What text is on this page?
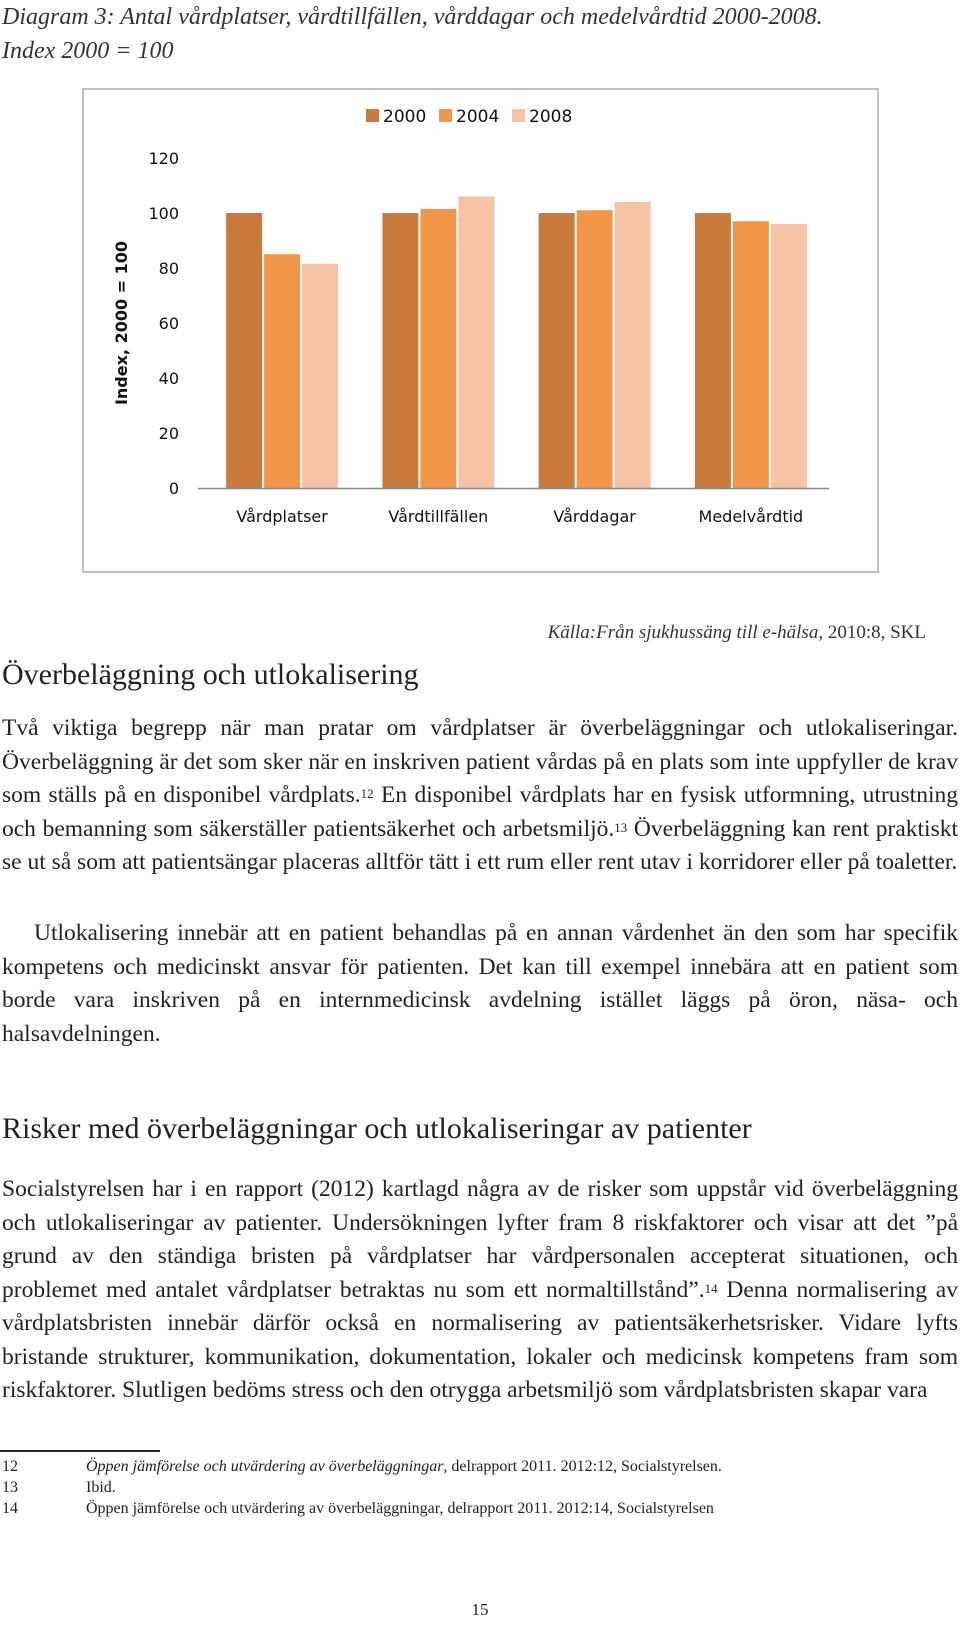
Diagram 3: Antal vårdplatser, vårdtillfällen, vårddagar och medelvårdtid 2000-2008.
Index 2000 = 100
0
20
40
60
80
100
120
Index, 2000 = 100
Vårdplatser	Vårdtillfällen	Vårddagar	Medelvårdtid
2000 2004 2008
Källa:Från sjukhussäng till e-hälsa, 2010:8, SKL
Överbeläggning och utlokalisering

Två viktiga begrepp när man pratar om vårdplatser är överbeläggningar och utlokaliseringar. Överbeläggning är det som sker när en inskriven patient vårdas på en plats som inte uppfyller de krav som ställs på en disponibel vårdplats.$^{12}$ En disponibel vårdplats har en fysisk utformning, utrustning och bemanning som säkerställer patientsäkerhet och arbetsmiljö.$^{13}$ Överbeläggning kan rent praktiskt se ut så som att patientsängar placeras alltför tätt i ett rum eller rent utav i korridorer eller på toaletter.

Utlokalisering innebär att en patient behandlas på en annan vårdenhet än den som har specifik kompetens och medicinskt ansvar för patienten. Det kan till exempel innebära att en patient som borde vara inskriven på en internmedicinsk avdelning istället läggs på öron, näsa- och halsavdelningen.

Risker med överbeläggningar och utlokaliseringar av patienter

Socialstyrelsen har i en rapport (2012) kartlagd några av de risker som uppstår vid överbeläggning och utlokaliseringar av patienter. Undersökningen lyfter fram 8 riskfaktorer och visar att det ”på grund av den ständiga bristen på vårdplatser har vårdpersonalen accepterat situationen, och problemet med antalet vårdplatser betraktas nu som ett normaltillstånd”.$^{14}$ Denna normalisering av vårdplatsbristen innebär därför också en normalisering av patientsäkerhetsrisker. Vidare lyfts bristande strukturer, kommunikation, dokumentation, lokaler och medicinsk kompetens fram som riskfaktorer. Slutligen bedöms stress och den otrygga arbetsmiljö som vårdplatsbristen skapar vara

12	Öppen jämförelse och utvärdering av överbeläggningar, delrapport 2011. 2012:12, Socialstyrelsen.
13	Ibid.
14	Öppen jämförelse och utvärdering av överbeläggningar, delrapport 2011. 2012:14, Socialstyrelsen
15
